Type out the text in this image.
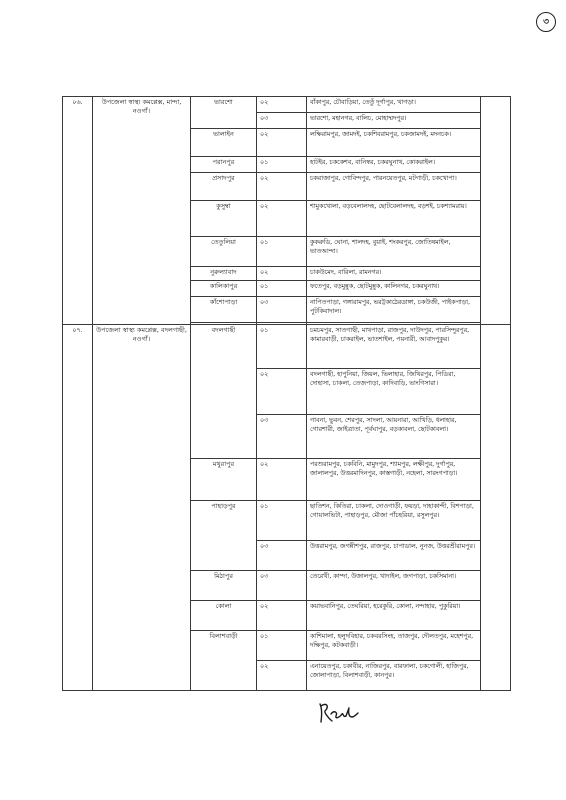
৩
০৬.	উপজেলা স্বাস্থ্য কমপ্লেক্স, মান্দা, নওগাঁ।	ভারশো	০২	বাঁকাপুর, চৌবাড়িয়া, তেতুঁ দূর্গাপুর, খাগড়া।	
			০৩	ভারশো, মহানগর, বালিচ, মোহাম্মদপুর।	
		ভালাইন	০২	লক্ষিরামপুর, জামদই, চকশিবরামপুর, চকজামদই, মদনচক।	
		পরানপুর	০১	হাটইর, চককেশব, বানিস্বর, চকরঘুনাথ, কোকরাইল।	
		প্রসাদপুর	০২	চকরাজাপুর, গোবিন্দপুর, পারনয়েতপুর, মটগাড়ী, চকখোপা।	
		কুসুম্বা	০২	শামুকখোলা, বড়বেলালদহ, ছোটবেলালদহ, বড়শই, চকশ্যামরায়।	
		তেতুলিয়া	০১	কুকরুডি, ঘোনা, শালদহ, বুয়াই, শংকরপুর, জোতিষমাইল, ভাতআন্দা।	
		নুরুল্যাবাদ	০২	চাকউমেদ, বারিলা, রামনগর।	
		কালিকাপুর	০১	ফতেপুর, বড়মুন্নুক, ছোটমুন্নুক, কালিনগর, চকরঘুনাথ।	
		কাঁশোপাড়া	০৩	নাপিতপাড়া, গঙ্গারামপুর, ভরট্টকাঠেরডাঙ্গা, চকউজী, পাইকপাড়া, পুটকিবাদাল।	

০৭.	উপজেলা স্বাস্থ্য কমপ্লেক্স, বদলগাছী, নওগাঁ।	বদলগাছী	০১	চমচমপুর, সাতগাছী, মাথপাড়া, রাজপুর, দাউদপুর, পারসিন্দুরপুর, কামারবাড়ী, চাকরাইল, ভাতশাইল, পয়নারী, আবাদপুকুর।	
			০২	বদলগাছী, হাপুনিয়া, জিয়ল, ভিলাহার, জিথিরপুর, পিডিরা, দোহাসা, চাকলা, তেজপাড়া, কাদিবাড়ি, ভাংগিসারা।	
			০৩	গাবনা, ভুবন, শেরপুর, সাদলা, আয়নারা, আখিড়ি, ধলাহার, গোরশারী, জাইত্রাতা, পূর্বঘাপুর, বড়কাবলা, ছোটকাবলা।	
		মথুরাপুর	০২	পরশুরামপুর, চকবিনি, মামুদপুর, শ্যামপুর, লক্ষীপুর, দুর্গাপুর, জালালপুর, উত্তরমাদিনপুর, কাস্তগাড়ী, নহেলা, সারংগপাড়া।	
		পাহাড়পুর	০১	ছাতিশন, কিতিরা, চাকলা, দোওগাড়ী, ফয়ড়া, দাহাকান্দী, বিশপাড়া, গোয়ালভিটা, পাহাড়পুর, মৌজা পাঁচহরিয়া, রসুলপুর।	
			০৩	উত্তরামপুর, জগন্নীশপুর, রাজপুর, চাপাডাল, নুনজ, উত্তরশ্রীরামপুর।	
		মিঠাপুর	০৩	তেরেখী, কাম্দা, উজালপুর, খাদাইল, জগপাড়া, চকসিমানা।	
		কোলা	০২	কয়াভবানিপুর, তেঘরিয়া, হরেকুরি, কোলা, নন্দাহার, পুকুরিয়া।	
		বিলাশবাড়ী	০১	কাশিমালা, হলুদবিহার, চকবরসিংহ, তাজপুর, দৌলতপুর, মহেশপুর, দক্ষিপুর, কটকবাড়ী।	
			০২	এনায়েতপুর, চকাবীর, নাজিরপুর, বারফালা, চকগোলী, হাজিপুর, জোলাপাড়া, বিলাশবাড়ী, কানপুর।	
